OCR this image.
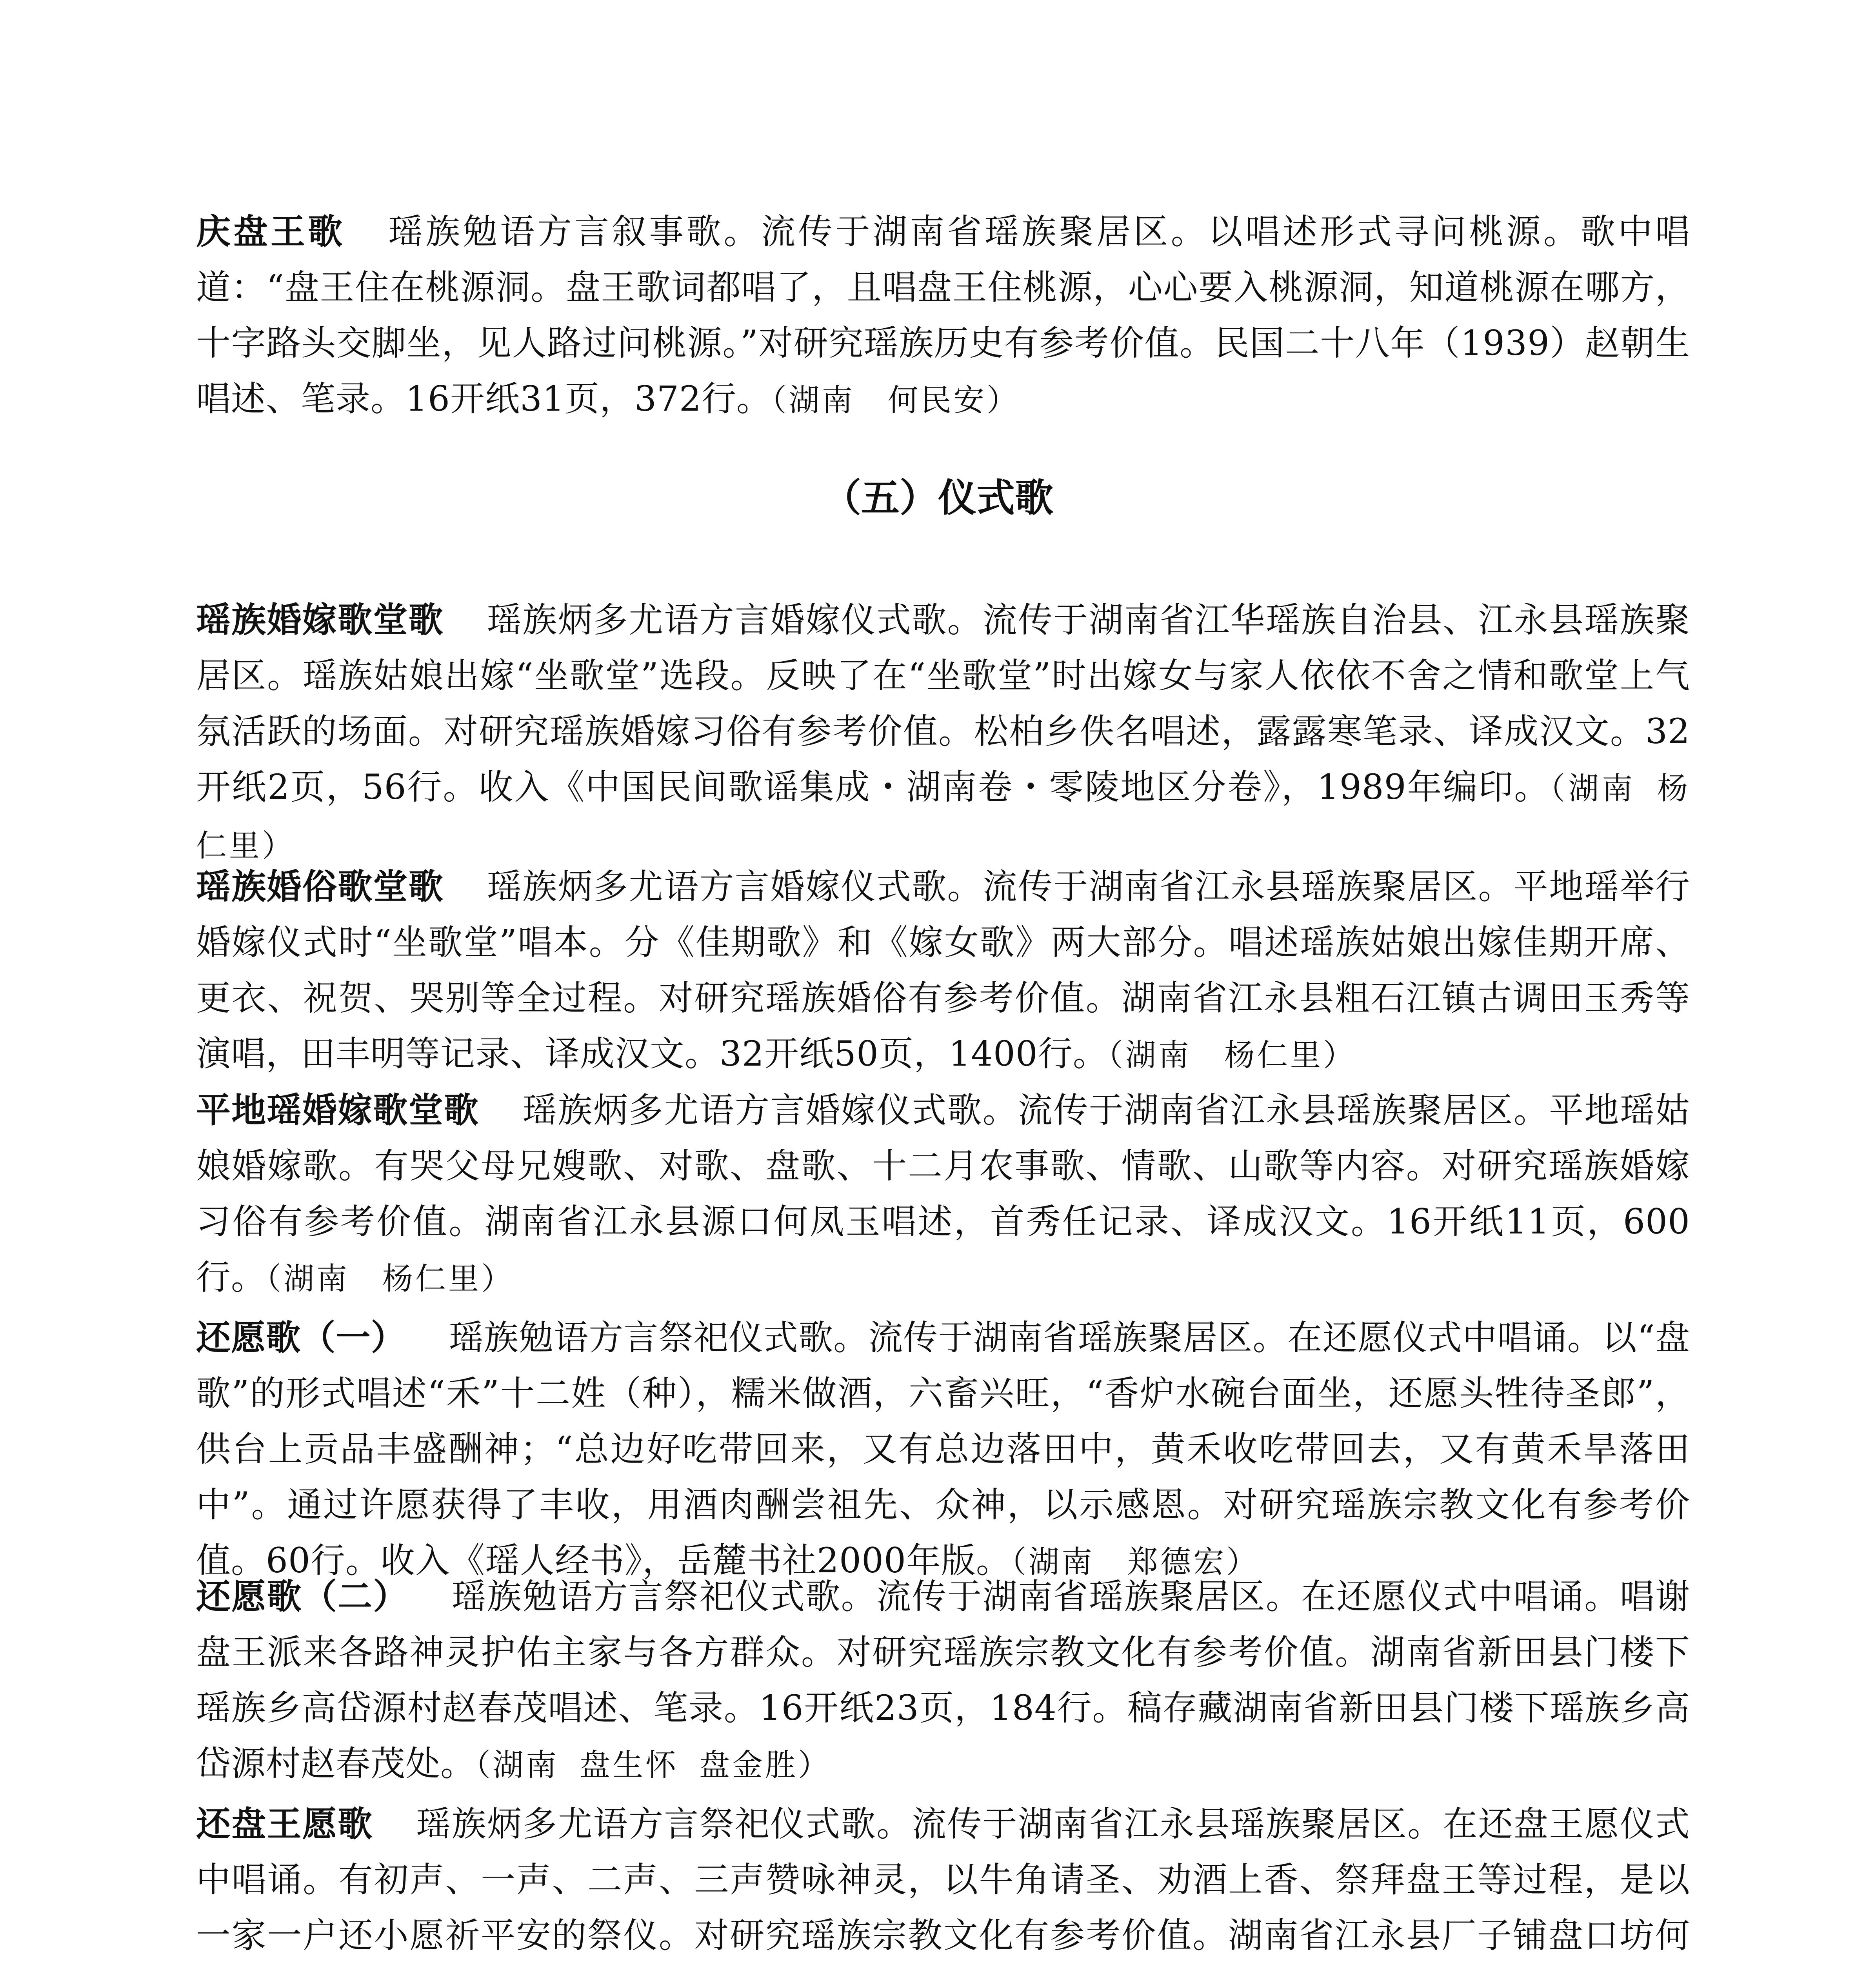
庆盘王歌 瑶族勉语方言叙事歌。流传于湖南省瑶族聚居区。以唱述形式寻问桃源。歌中唱道：“盘王住在桃源洞。盘王歌词都唱了，且唱盘王住桃源，心心要入桃源洞，知道桃源在哪方，十字路头交脚坐，见人路过问桃源。”对研究瑶族历史有参考价值。民国二十八年（1939）赵朝生唱述、笔录。16开纸31页，372行。（湖南　何民安）

（五）仪式歌

瑶族婚嫁歌堂歌 瑶族炳多尤语方言婚嫁仪式歌。流传于湖南省江华瑶族自治县、江永县瑶族聚居区。瑶族姑娘出嫁“坐歌堂”选段。反映了在“坐歌堂”时出嫁女与家人依依不舍之情和歌堂上气氛活跃的场面。对研究瑶族婚嫁习俗有参考价值。松柏乡佚名唱述，露露寒笔录、译成汉文。32开纸2页，56行。收入《中国民间歌谣集成・湖南卷・零陵地区分卷》，1989年编印。（湖南 杨仁里）

瑶族婚俗歌堂歌 瑶族炳多尤语方言婚嫁仪式歌。流传于湖南省江永县瑶族聚居区。平地瑶举行婚嫁仪式时“坐歌堂”唱本。分《佳期歌》和《嫁女歌》两大部分。唱述瑶族姑娘出嫁佳期开席、更衣、祝贺、哭别等全过程。对研究瑶族婚俗有参考价值。湖南省江永县粗石江镇古调田玉秀等演唱，田丰明等记录、译成汉文。32开纸50页，1400行。（湖南　杨仁里）

平地瑶婚嫁歌堂歌 瑶族炳多尤语方言婚嫁仪式歌。流传于湖南省江永县瑶族聚居区。平地瑶姑娘婚嫁歌。有哭父母兄嫂歌、对歌、盘歌、十二月农事歌、情歌、山歌等内容。对研究瑶族婚嫁习俗有参考价值。湖南省江永县源口何凤玉唱述，首秀任记录、译成汉文。16开纸11页，600行。（湖南　杨仁里）

还愿歌（一） 瑶族勉语方言祭祀仪式歌。流传于湖南省瑶族聚居区。在还愿仪式中唱诵。以“盘歌”的形式唱述“禾”十二姓（种），糯米做酒，六畜兴旺，“香炉水碗台面坐，还愿头牲待圣郎”，供台上贡品丰盛酬神；“总边好吃带回来，又有总边落田中，黄禾收吃带回去，又有黄禾旱落田中”。通过许愿获得了丰收，用酒肉酬尝祖先、众神，以示感恩。对研究瑶族宗教文化有参考价值。60行。收入《瑶人经书》，岳麓书社2000年版。（湖南　郑德宏）

还愿歌（二） 瑶族勉语方言祭祀仪式歌。流传于湖南省瑶族聚居区。在还愿仪式中唱诵。唱谢盘王派来各路神灵护佑主家与各方群众。对研究瑶族宗教文化有参考价值。湖南省新田县门楼下瑶族乡高岱源村赵春茂唱述、笔录。16开纸23页，184行。稿存藏湖南省新田县门楼下瑶族乡高岱源村赵春茂处。（湖南 盘生怀 盘金胜）

还盘王愿歌 瑶族炳多尤语方言祭祀仪式歌。流传于湖南省江永县瑶族聚居区。在还盘王愿仪式中唱诵。有初声、一声、二声、三声赞咏神灵，以牛角请圣、劝酒上香、祭拜盘王等过程，是以一家一户还小愿祈平安的祭仪。对研究瑶族宗教文化有参考价值。湖南省江永县厂子铺盘口坊何
